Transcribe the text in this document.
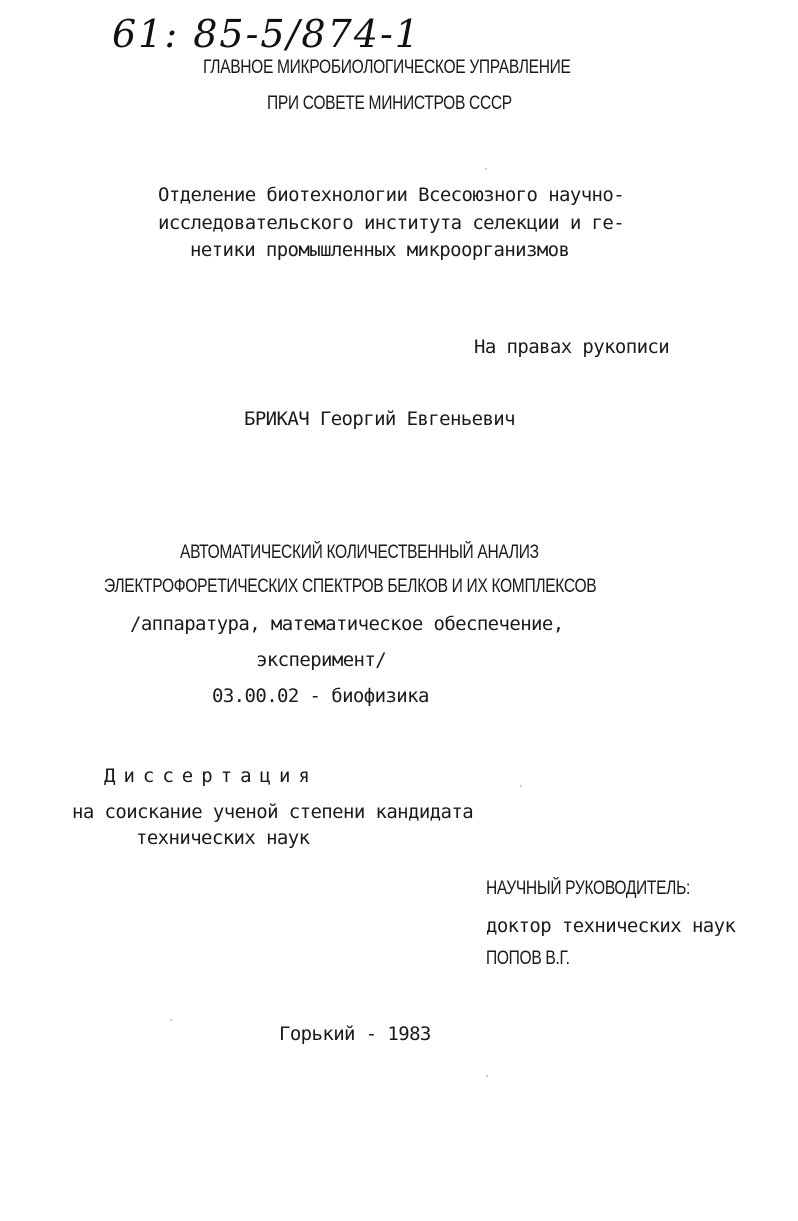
61: 85-5/874-1
ГЛАВНОЕ МИКРОБИОЛОГИЧЕСКОЕ УПРАВЛЕНИЕ
ПРИ СОВЕТЕ МИНИСТРОВ СССР
Отделение биотехнологии Всесоюзного научно-
исследовательского института селекции и ге-
нетики промышленных микроорганизмов
На правах рукописи
БРИКАЧ Георгий Евгеньевич
АВТОМАТИЧЕСКИЙ КОЛИЧЕСТВЕННЫЙ АНАЛИЗ
ЭЛЕКТРОФОРЕТИЧЕСКИХ СПЕКТРОВ БЕЛКОВ И ИХ КОМПЛЕКСОВ
/аппаратура, математическое обеспечение,
эксперимент/
03.00.02 - биофизика
Диссертация
на соискание ученой степени кандидата
технических наук
НАУЧНЫЙ РУКОВОДИТЕЛЬ:
доктор технических наук
ПОПОВ В.Г.
Горький - 1983
